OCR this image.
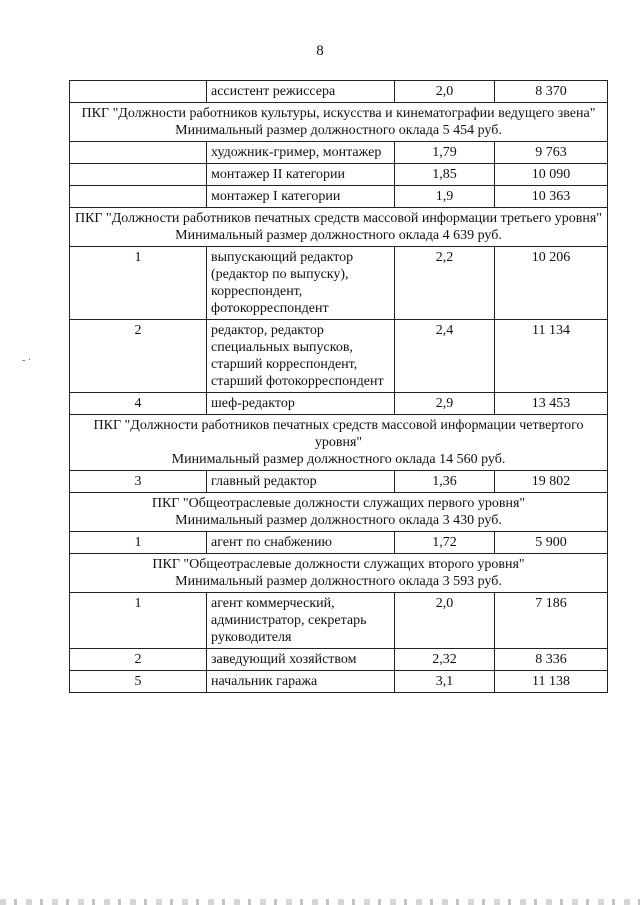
8
- ·
	ассистент режиссера	2,0	8 370

ПКГ "Должности работников культуры, искусства и кинематографии ведущего звена"
Минимальный размер должностного оклада 5 454 руб.			

	художник-гример, монтажер	1,79	9 763
	монтажер II категории	1,85	10 090
	монтажер I категории	1,9	10 363

ПКГ "Должности работников печатных средств массовой информации третьего уровня"
Минимальный размер должностного оклада 4 639 руб.			

1	выпускающий редактор (редактор по выпуску), корреспондент, фотокорреспондент	2,2	10 206
2	редактор, редактор специальных выпусков, старший корреспондент, старший фотокорреспондент	2,4	11 134
4	шеф-редактор	2,9	13 453

ПКГ "Должности работников печатных средств массовой информации четвертого уровня"
Минимальный размер должностного оклада 14 560 руб.			

3	главный редактор	1,36	19 802

ПКГ "Общеотраслевые должности служащих первого уровня"
Минимальный размер должностного оклада 3 430 руб.			

1	агент по снабжению	1,72	5 900

ПКГ "Общеотраслевые должности служащих второго уровня"
Минимальный размер должностного оклада 3 593 руб.			

1	агент коммерческий, администратор, секретарь руководителя	2,0	7 186
2	заведующий хозяйством	2,32	8 336
5	начальник гаража	3,1	11 138
